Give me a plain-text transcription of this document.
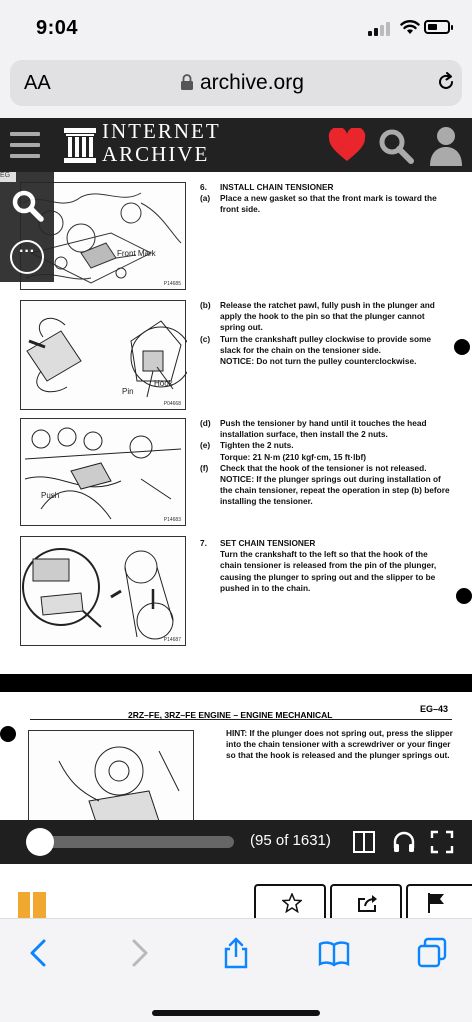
9:04
AA	archive.org
INTERNET
ARCHIVE
Front Mark
P14685
Pin
Hook
P04668
Push
P14683
P14687
6.	INSTALL CHAIN TENSIONER
(a)	Place a new gasket so that the front mark is toward the front side.
(b)	Release the ratchet pawl, fully push in the plunger and apply the hook to the pin so that the plunger cannot spring out.
(c)	Turn the crankshaft pulley clockwise to provide some slack for the chain on the tensioner side.
NOTICE: Do not turn the pulley counterclockwise.
(d)	Push the tensioner by hand until it touches the head installation surface, then install the 2 nuts.
(e)	Tighten the 2 nuts.
Torque: 21 N·m (210 kgf·cm, 15 ft·lbf)
(f)	Check that the hook of the tensioner is not released.
NOTICE: If the plunger springs out during installation of the chain tensioner, repeat the operation in step (b) before installing the tensioner.
7.	SET CHAIN TENSIONER
Turn the crankshaft to the left so that the hook of the chain tensioner is released from the pin of the plunger, causing the plunger to spring out and the slipper to be pushed in to the chain.
HINT: If the plunger does not spring out, press the slipper into the chain tensioner with a screwdriver or your finger so that the hook is released and the plunger springs out.
2RZ–FE, 3RZ–FE ENGINE – ENGINE MECHANICAL
EG–43
EG
···
(95 of 1631)
